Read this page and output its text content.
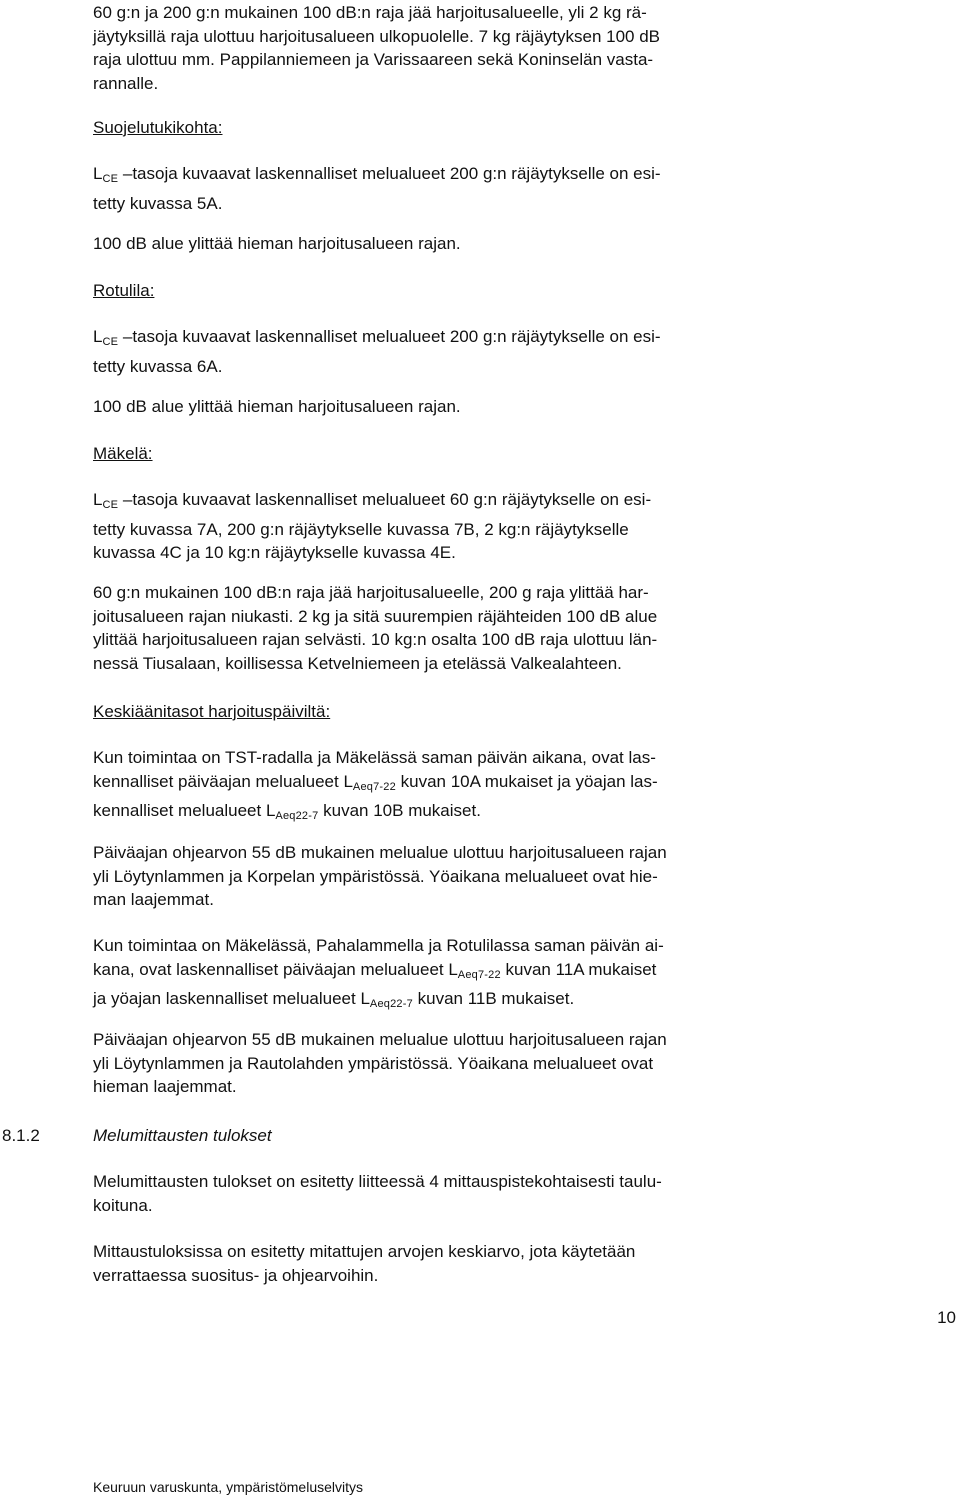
60 g:n ja 200 g:n mukainen 100 dB:n raja jää harjoitusalueelle, yli 2 kg rä-
jäytyksillä raja ulottuu harjoitusalueen ulkopuolelle. 7 kg räjäytyksen 100 dB
raja ulottuu mm. Pappilanniemeen ja Varissaareen sekä Koninselän vasta-
rannalle.
Suojelutukikohta:
$L_{CE}$ –tasoja kuvaavat laskennalliset melualueet 200 g:n räjäytykselle on esi-
tetty kuvassa 5A.
100 dB alue ylittää hieman harjoitusalueen rajan.
Rotulila:
$L_{CE}$ –tasoja kuvaavat laskennalliset melualueet 200 g:n räjäytykselle on esi-
tetty kuvassa 6A.
100 dB alue ylittää hieman harjoitusalueen rajan.
Mäkelä:
$L_{CE}$ –tasoja kuvaavat laskennalliset melualueet 60 g:n räjäytykselle on esi-
tetty kuvassa 7A, 200 g:n räjäytykselle kuvassa 7B, 2 kg:n räjäytykselle
kuvassa 4C ja 10 kg:n räjäytykselle kuvassa 4E.
60 g:n mukainen 100 dB:n raja jää harjoitusalueelle, 200 g raja ylittää har-
joitusalueen rajan niukasti. 2 kg ja sitä suurempien räjähteiden 100 dB alue
ylittää harjoitusalueen rajan selvästi. 10 kg:n osalta 100 dB raja ulottuu län-
nessä Tiusalaan, koillisessa Ketvelniemeen ja etelässä Valkealahteen.
Keskiäänitasot harjoituspäiviltä:
Kun toimintaa on TST-radalla ja Mäkelässä saman päivän aikana, ovat las-
kennalliset päiväajan melualueet $L_{Aeq7-22}$ kuvan 10A mukaiset ja yöajan las-
kennalliset melualueet $L_{Aeq22-7}$ kuvan 10B mukaiset.
Päiväajan ohjearvon 55 dB mukainen melualue ulottuu harjoitusalueen rajan
yli Löytynlammen ja Korpelan ympäristössä. Yöaikana melualueet ovat hie-
man laajemmat.
Kun toimintaa on Mäkelässä, Pahalammella ja Rotulilassa saman päivän ai-
kana, ovat laskennalliset päiväajan melualueet $L_{Aeq7-22}$ kuvan 11A mukaiset
ja yöajan laskennalliset melualueet $L_{Aeq22-7}$ kuvan 11B mukaiset.
Päiväajan ohjearvon 55 dB mukainen melualue ulottuu harjoitusalueen rajan
yli Löytynlammen ja Rautolahden ympäristössä. Yöaikana melualueet ovat
hieman laajemmat.
8.1.2	Melumittausten tulokset
Melumittausten tulokset on esitetty liitteessä 4 mittauspistekohtaisesti taulu-
koituna.
Mittaustuloksissa on esitetty mitattujen arvojen keskiarvo, jota käytetään
verrattaessa suositus- ja ohjearvoihin.
10
Keuruun varuskunta, ympäristömeluselvitys
